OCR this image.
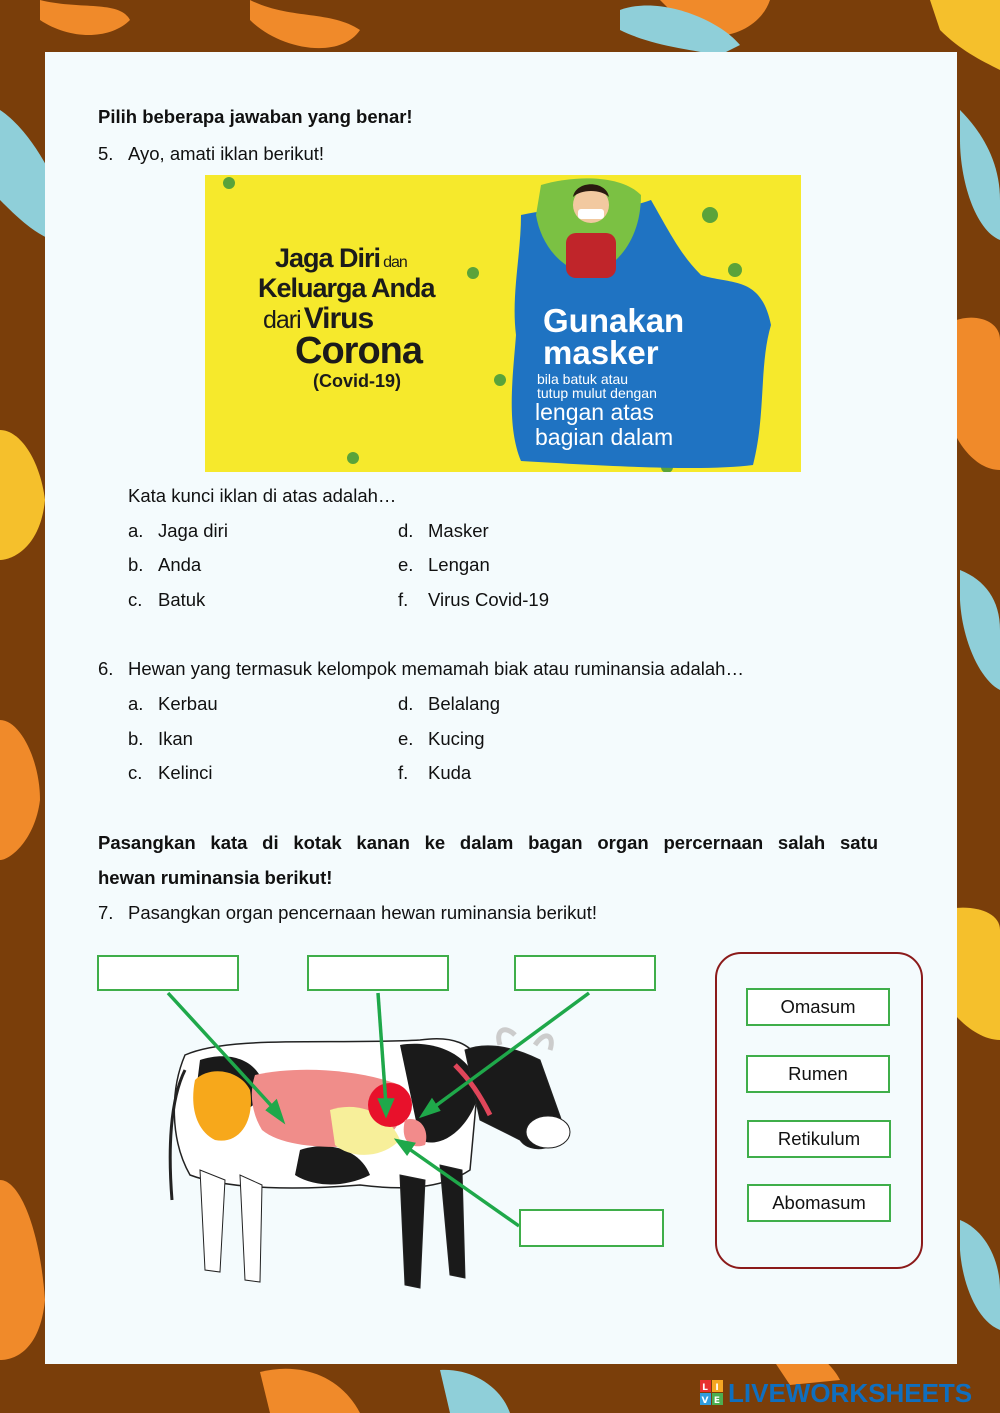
Pilih beberapa jawaban yang benar!
5. Ayo, amati iklan berikut!
Jaga Diri dan
Keluarga Anda
dari Virus
Corona
(Covid-19)
Gunakan
masker
bila batuk atau
tutup mulut dengan
lengan atas
bagian dalam
Kata kunci iklan di atas adalah…
a. Jaga diri
b. Anda
c. Batuk
d. Masker
e. Lengan
f. Virus Covid-19
6. Hewan yang termasuk kelompok memamah biak atau ruminansia adalah…
a. Kerbau
b. Ikan
c. Kelinci
d. Belalang
e. Kucing
f. Kuda
Pasangkan kata di kotak kanan ke dalam bagan organ percernaan salah satu
hewan ruminansia berikut!
7. Pasangkan organ pencernaan hewan ruminansia berikut!
Omasum
Rumen
Retikulum
Abomasum
L I
V E LIVEWORKSHEETS
